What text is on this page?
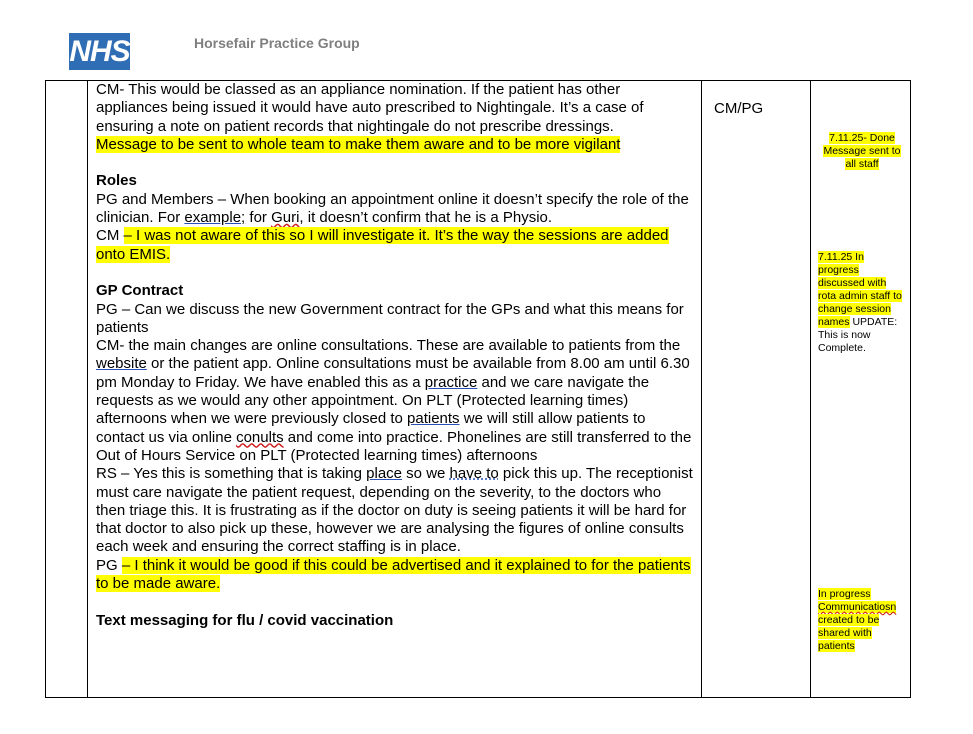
NHS	Horsefair Practice Group

CM- This would be classed as an appliance nomination. If the patient has other appliances being issued it would have auto prescribed to Nightingale. It’s a case of ensuring a note on patient records that nightingale do not prescribe dressings.
Message to be sent to whole team to make them aware and to be more vigilant

Roles

PG and Members – When booking an appointment online it doesn’t specify the role of the clinician. For example; for Guri, it doesn’t confirm that he is a Physio.

CM – I was not aware of this so I will investigate it. It’s the way the sessions are added onto EMIS.

GP Contract

PG – Can we discuss the new Government contract for the GPs and what this means for patients

CM- the main changes are online consultations. These are available to patients from the website or the patient app. Online consultations must be available from 8.00 am until 6.30 pm Monday to Friday. We have enabled this as a practice and we care navigate the requests as we would any other appointment. On PLT (Protected learning times) afternoons when we were previously closed to patients we will still allow patients to contact us via online conults and come into practice. Phonelines are still transferred to the Out of Hours Service on PLT (Protected learning times) afternoons

RS – Yes this is something that is taking place so we have to pick this up. The receptionist must care navigate the patient request, depending on the severity, to the doctors who then triage this. It is frustrating as if the doctor on duty is seeing patients it will be hard for that doctor to also pick up these, however we are analysing the figures of online consults each week and ensuring the correct staffing is in place.

PG – I think it would be good if this could be advertised and it explained to for the patients to be made aware.

Text messaging for flu / covid vaccination

	CM/PG	

7.11.25- Done
Message sent to
all staff

7.11.25 In progress discussed with rota admin staff to change session names UPDATE: This is now Complete.

In progress Communicatiosn created to be shared with patients
